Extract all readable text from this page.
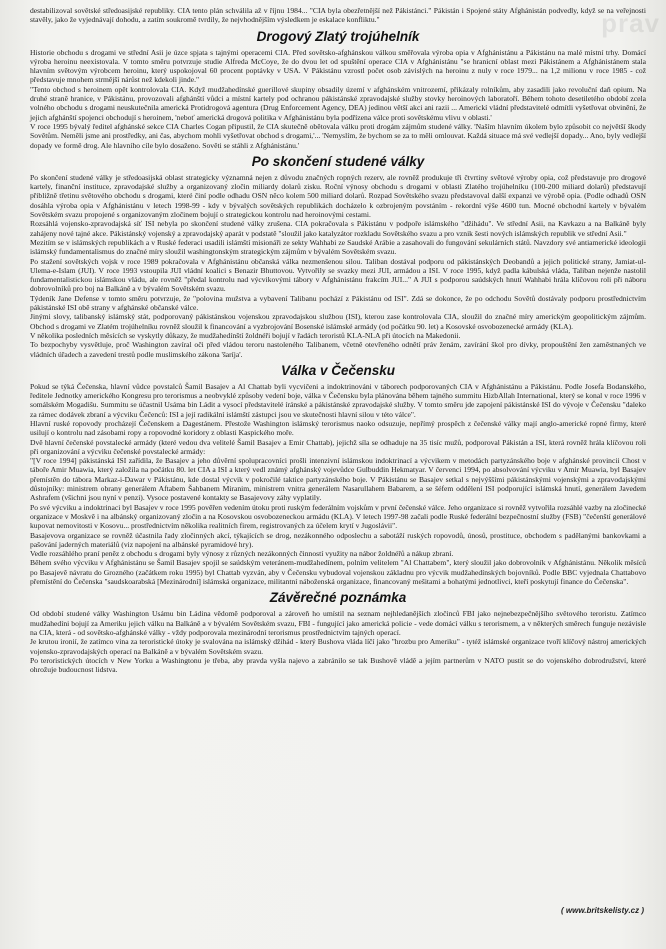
prav

destabilizoval sovětské středoasijské republiky. CIA tento plán schválila až v říjnu 1984... "CIA byla obezřetnější než Pákistánci." Pákistán i Spojené státy Afghánistán podvedly, když se na veřejnosti stavěly, jako že vyjednávají dohodu, a zatím soukromě tvrdily, že nejvhodnějším výsledkem je eskalace konfliktu."

Drogový Zlatý trojúhelník

Historie obchodu s drogami ve střední Asii je úzce spjata s tajnými operacemi CIA. Před sovětsko-afghánskou válkou směřovala výroba opia v Afghánistánu a Pákistánu na malé místní trhy. Domácí výroba heroinu neexistovala. V tomto směru potvrzuje studie Alfreda McCoye, že do dvou let od spuštění operace CIA v Afghánistánu "se hranicní oblast mezi Pákistánem a Afghánistánem stala hlavním světovým výrobcem heroinu, který uspokojoval 60 procent poptávky v USA. V Pákistánu vzrostl počet osob závislých na heroinu z nuly v roce 1979... na 1,2 milionu v roce 1985 - což představuje mnohem strmější nárůst než kdekoli jinde."

"Tento obchod s heroinem opět kontrolovala CIA. Když mudžahedínské guerillové skupiny obsadily území v afghánském vnitrozemí, přikázaly rolníkům, aby zasadili jako revoluční daň opium. Na druhé straně hranice, v Pákistánu, provozovali afghánští vůdci a místní kartely pod ochranou pákistánské zpravodajské služby stovky heroinových laboratoří. Během tohoto desetiletého období zcela volného obchodu s drogami neuskutečnila americká Protidrogová agentura (Drug Enforcement Agency, DEA) jedinou větší akci ani razii ... Americkí vládní představitelé odmítli vyšetřovat obvinění, že jejich afghánští spojenci obchodují s heroinem, 'neboť americká drogová politika v Afghánistánu byla podřízena válce proti sovětskému vlivu v oblasti.'

V roce 1995 bývalý ředitel afghánské sekce CIA Charles Cogan připustil, že CIA skutečně obětovala válku proti drogám zájmům studené války. 'Naším hlavním úkolem bylo způsobit co největší škody Sovětům. Neměli jsme ani prostředky, ani čas, abychom mohli vyšetřovat obchod s drogami,'... 'Nemyslím, že bychom se za to měli omlouvat. Každá situace má své vedlejší dopady... Ano, byly vedlejší dopady ve formě drog. Ale hlavního cíle bylo dosaženo. Sověti se stáhli z Afghánistánu.'

Po skončení studené války

Po skončení studené války je středoasijská oblast strategicky významná nejen z důvodu značných ropných rezerv, ale rovněž produkuje tři čtvrtiny světové výroby opia, což představuje pro drogové kartely, finanční instituce, zpravodajské služby a organizovaný zločin miliardy dolarů zisku. Roční výnosy obchodu s drogami v oblasti Zlatého trojúhelníku (100-200 miliard dolarů) představují přibližně třetinu světového obchodu s drogami, které činí podle odhadu OSN něco kolem 500 miliard dolarů. Rozpad Sovětského svazu představoval další expanzi ve výrobě opia. (Podle odhadů OSN dosáhla výroba opia v Afghánistánu v letech 1998-99 - kdy v bývalých sovětských republikách docházelo k ozbrojeným povstáním - rekordní výše 4600 tun. Mocné obchodní kartely v bývalém Sovětském svazu propojené s organizovaným zločinem bojují o strategickou kontrolu nad heroinovými cestami.

Rozsáhlá vojensko-zpravodajská síť ISI nebyla po skončení studené války zrušena. CIA pokračovala s Pákistánu v podpoře islámského "džihádu". Ve střední Asii, na Kavkazu a na Balkáně byly zahájeny nové tajné akce. Pákistánský vojenský a zpravodajský aparát v podstatě "sloužil jako katalyzátor rozkladu Sovětského svazu a pro vznik šesti nových islámských republik ve střední Asii."

Mezitím se v islámských republikách a v Ruské federaci usadili islámští misionáři ze sekty Wahhabi ze Saudské Arábie a zasahovali do fungování sekulárních států. Navzdory své antiamerické ideologii islámský fundamentalismus do značné míry sloužil washingtonským strategickým zájmům v bývalém Sovětském svazu.

Po stažení sovětských vojsk v roce 1989 pokračovala v Afghánistánu občanská válka nezmenšenou silou. Taliban dostával podporu od pákistánských Deobandů a jejich politické strany, Jamiat-ul-Ulema-e-Islam (JUI). V roce 1993 vstoupila JUI vládní koalici s Benazir Bhuttovou. Vytvořily se svazky mezi JUI, armádou a ISI. V roce 1995, když padla kábulská vláda, Taliban nejenže nastolil fundamentalistickou islámskou vládu, ale rovněž "předal kontrolu nad výcvikovými tábory v Afghánistánu frakcím JUI..." A JUI s podporou saúdských hnutí Wahhabi hrála klíčovou roli při náboru dobrovolníků pro boj na Balkáně a v bývalém Sovětském svazu.

Týdeník Jane Defense v tomto směru potvrzuje, že "polovina mužstva a vybavení Talibanu pochází z Pákistánu od ISI". Zdá se dokonce, že po odchodu Sovětů dostávaly podporu prostřednictvím pákistánské ISI obě strany v afghánské občanské válce.

Jinými slovy, talibanský islámský stát, podporovaný pákistánskou vojenskou zpravodajskou službou (ISI), kterou zase kontrolovala CIA, sloužil do značné míry americkým geopolitickým zájmům. Obchod s drogami ve Zlatém trojúhelníku rovněž sloužil k financování a vyzbrojování Bosenské islámské armády (od počátku 90. let) a Kosovské osvobozenecké armády (KLA).

V několika posledních měsících se vyskytly důkazy, že mudžahedínští žoldnéři bojují v řadách teroristů KLA-NLA při útocích na Makedonii.

To bezpochyby vysvětluje, proč Washington zavíral oči před vládou teroru nastoleného Talibanem, včetně otevřeného odnětí práv ženám, zavírání škol pro dívky, propouštění žen zaměstnaných ve vládních úřadech a zavedení trestů podle muslimského zákona 'šaríja'.

Válka v Čečensku

Pokud se týká Čečenska, hlavní vůdce povstalců Šamil Basajev a Al Chattab byli vycvičeni a indoktrinováni v táborech podporovaných CIA v Afghánistánu a Pákistánu. Podle Josefa Bodanského, ředitele Jednotky amerického Kongresu pro terorismus a neobvyklé způsoby vedení boje, válka v Čečensku byla plánována během tajného summitu HizbAllah International, který se konal v roce 1996 v somálském Mogadišu. Summitu se účastnil Usáma bin Ládit a vysocí představitelé íránské a pákistánské zpravodajské služby. V tomto směru jde zapojení pákistánské ISI do vývoje v Čečensku "daleko za rámec dodávek zbraní a výcviku Čečenců: ISI a její radikální islámští zástupci jsou ve skutečnosti hlavní silou v této válce".

Hlavní ruské ropovody procházejí Čečenskem a Dagestánem. Přestože Washington islámský terorismus naoko odsuzuje, nepřímý prospěch z čečenské války mají anglo-americké ropné firmy, které usilují o kontrolu nad zásobami ropy a ropovodné koridory z oblasti Kaspického moře.

Dvě hlavní čečenské povstalecké armády (které vedou dva velitelé Šamil Basajev a Emir Chattab), jejichž síla se odhaduje na 35 tisíc mužů, podporoval Pákistán a ISI, která rovněž hrála klíčovou roli při organizování a výcviku čečenské povstalecké armády:

"[V roce 1994] pákistánská ISI zařídila, že Basajev a jeho důvěrní spolupracovníci prošli intenzivní islámskou indoktrinací a výcvikem v metodách partyzánského boje v afghánské provincii Chost v táboře Amir Muawia, který založila na počátku 80. let CIA a ISI a který vedl známý afghánský vojevůdce Gulbuddin Hekmatyar. V červenci 1994, po absolvování výcviku v Amir Muawia, byl Basajev přemístěn do tábora Markaz-i-Dawar v Pákistánu, kde dostal výcvik v pokročilé taktice partyzánského boje. V Pákistánu se Basajev setkal s nejvýššími pákistánskými vojenskými a zpravodajskými důstojníky: ministrem obrany generálem Aftabem Šahbanem Miranim, ministrem vnitra generálem Nasarullahem Babarem, a se šéfem oddělení ISI podporující islámská hnutí, generálem Javedem Ashrafem (všichni jsou nyní v penzi). Vysoce postavené kontakty se Basajevovy záhy vyplatily.

Po své výcviku a indoktrinaci byl Basajev v roce 1995 pověřen vedením útoku proti ruským federálním vojskům v první čečenské válce. Jeho organizace si rovněž vytvořila rozsáhlé vazby na zločinecké organizace v Moskvě i na albánský organizovaný zločin a na Kosovskou osvobozeneckou armádu (KLA). V letech 1997-98 začali podle Ruské federální bezpečnostní služby (FSB) "čečenští generálové kupovat nemovitosti v Kosovu... prostřednictvím několika realitních firem, registrovaných za účelem krytí v Jugoslávii".

Basajevova organizace se rovněž účastnila řady zločinných akcí, týkajících se drog, nezákonného odposlechu a sabotáží ruských ropovodů, únosů, prostituce, obchodem s padělanými bankovkami a pašování jaderných materiálů (viz napojení na albánské pyramidové hry).

Vedle rozsáhlého praní peněz z obchodu s drogami byly výnosy z různých nezákonných činností využity na nábor žoldnéřů a nákup zbraní.

Během svého výcviku v Afghánistánu se Šamil Basajev spojil se saúdským veteránem-mudžahedínem, polním velitelem "Al Chattabem", který sloužil jako dobrovolník v Afghánistánu. Několik měsíců po Basajevě návratu do Grozného (začátkem roku 1995) byl Chattab vyzván, aby v Čečensku vybudoval vojenskou základnu pro výcvik mudžahedínských bojovníků. Podle BBC vyjednala Chattabovo přemístění do Čečenska "saudskoarabská [Mezinárodní] islámská organizace, militantní náboženská organizace, financovaný mešitami a bohatými jednotlivci, kteří poskytují finance do Čečenska".

Závěrečné poznámka

Od období studené války Washington Usámu bin Ládina vědomě podporoval a zároveň ho umístil na seznam nejhledanějších zločinců FBI jako nejnebezpečnějšího světového teroristu. Zatímco mudžahedíni bojují za Ameriku jejich válku na Balkáně a v bývalém Sovětském svazu, FBI - fungující jako americká policie - vede domácí válku s terorismem, a v některých směrech funguje nezávisle na CIA, která - od sovětsko-afghánské války - vždy podporovala mezinárodní terorismus prostřednictvím tajných operací.

Je krutou ironií, že zatímco vina za teroristické útoky je svalována na islámský džihád - který Bushova vláda líčí jako "hrozbu pro Ameriku" - tytéž islámské organizace tvoří klíčový nástroj amerických vojensko-zpravodajských operací na Balkáně a v bývalém Sovětském svazu.

Po teroristických útocích v New Yorku a Washingtonu je třeba, aby pravda vyšla najevo a zabránilo se tak Bushově vládě a jejím partnerům v NATO pustit se do vojenského dobrodružství, které ohrožuje budoucnost lidstva.

( www.britskelisty.cz )
